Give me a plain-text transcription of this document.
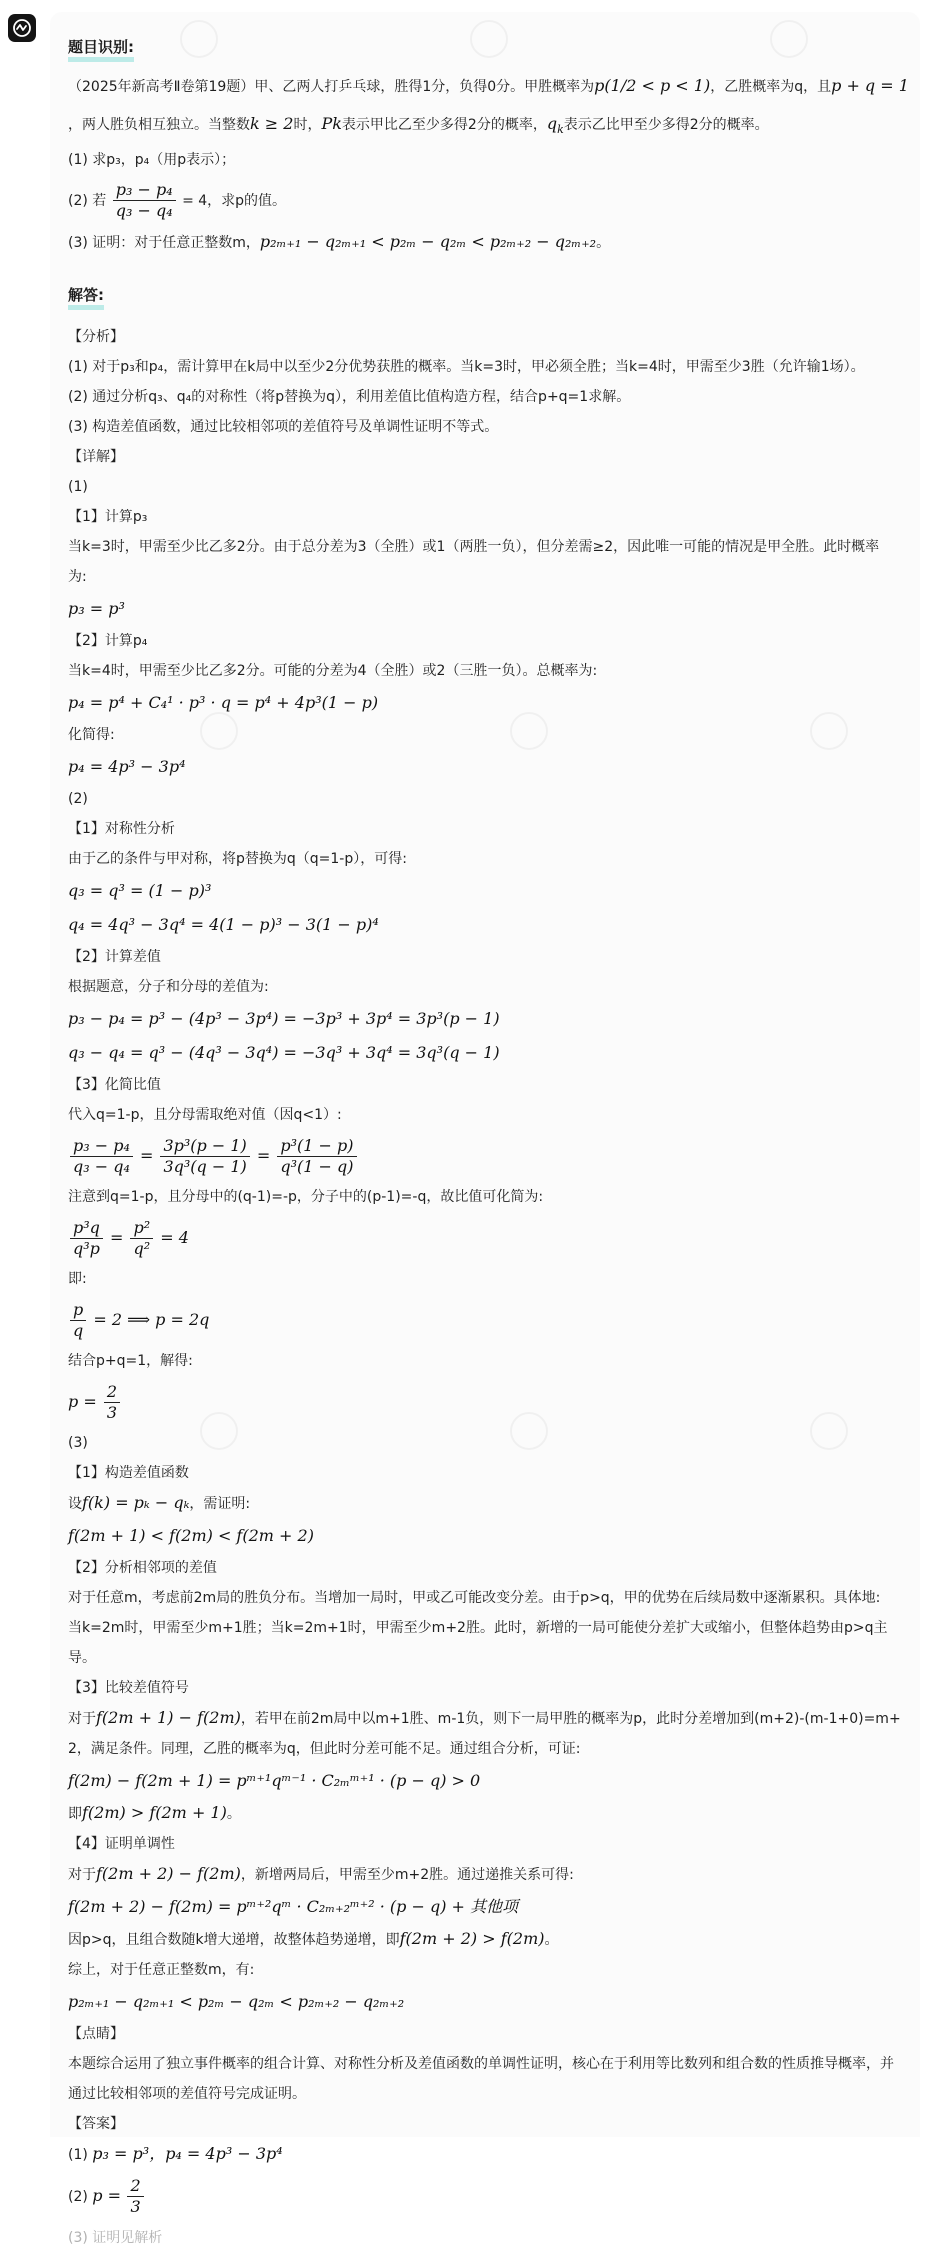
题目识别:
（2025年新高考Ⅱ卷第19题）甲、乙两人打乒乓球，胜得1分，负得0分。甲胜概率为p(1/2 < p < 1)，乙胜概率为q，且p + q = 1
，两人胜负相互独立。当整数k ≥ 2时，Pk表示甲比乙至少多得2分的概率，$q_k$表示乙比甲至少多得2分的概率。
(1) 求p₃，p₄（用p表示）；
(2) 若 $\frac{\text{p₃ − p₄}}{\text{q₃ − q₄}} = 4$，求p的值。
(3) 证明：对于任意正整数m，p₂ₘ₊₁ − q₂ₘ₊₁ < p₂ₘ − q₂ₘ < p₂ₘ₊₂ − q₂ₘ₊₂。
解答:
【分析】
(1) 对于p₃和p₄，需计算甲在k局中以至少2分优势获胜的概率。当k=3时，甲必须全胜；当k=4时，甲需至少3胜（允许输1场）。
(2) 通过分析q₃、q₄的对称性（将p替换为q），利用差值比值构造方程，结合p+q=1求解。
(3) 构造差值函数，通过比较相邻项的差值符号及单调性证明不等式。
【详解】
(1)
【1】计算p₃
当k=3时，甲需至少比乙多2分。由于总分差为3（全胜）或1（两胜一负），但分差需≥2，因此唯一可能的情况是甲全胜。此时概率
为:
p₃ = p³
【2】计算p₄
当k=4时，甲需至少比乙多2分。可能的分差为4（全胜）或2（三胜一负）。总概率为:
p₄ = p⁴ + C₄¹ · p³ · q = p⁴ + 4p³(1 − p)
化简得:
p₄ = 4p³ − 3p⁴
(2)
【1】对称性分析
由于乙的条件与甲对称，将p替换为q（q=1-p），可得:
q₃ = q³ = (1 − p)³
q₄ = 4q³ − 3q⁴ = 4(1 − p)³ − 3(1 − p)⁴
【2】计算差值
根据题意，分子和分母的差值为:
p₃ − p₄ = p³ − (4p³ − 3p⁴) = −3p³ + 3p⁴ = 3p³(p − 1)
q₃ − q₄ = q³ − (4q³ − 3q⁴) = −3q³ + 3q⁴ = 3q³(q − 1)
【3】化简比值
代入q=1-p，且分母需取绝对值（因q<1）:
$\frac{\text{p₃ − p₄}}{\text{q₃ − q₄}} = \frac{\text{3p³(p − 1)}}{\text{3q³(q − 1)}} = \frac{\text{p³(1 − p)}}{\text{q³(1 − q)}}$
注意到q=1-p，且分母中的(q-1)=-p，分子中的(p-1)=-q，故比值可化简为:
$\frac{\text{p³q}}{\text{q³p}} = \frac{\text{p²}}{\text{q²}} = 4$
即:
$\frac{p}{q} = 2$ ⟹ p = 2q
结合p+q=1，解得:
$p = \frac{2}{3}$
(3)
【1】构造差值函数
设f(k) = pₖ − qₖ，需证明:
f(2m + 1) < f(2m) < f(2m + 2)
【2】分析相邻项的差值
对于任意m，考虑前2m局的胜负分布。当增加一局时，甲或乙可能改变分差。由于p>q，甲的优势在后续局数中逐渐累积。具体地:
当k=2m时，甲需至少m+1胜；当k=2m+1时，甲需至少m+2胜。此时，新增的一局可能使分差扩大或缩小，但整体趋势由p>q主
导。
【3】比较差值符号
对于f(2m + 1) − f(2m)，若甲在前2m局中以m+1胜、m-1负，则下一局甲胜的概率为p，此时分差增加到(m+2)-(m-1+0)=m+
2，满足条件。同理，乙胜的概率为q，但此时分差可能不足。通过组合分析，可证:
f(2m) − f(2m + 1) = pᵐ⁺¹qᵐ⁻¹ · C₂ₘᵐ⁺¹ · (p − q) > 0
即f(2m) > f(2m + 1)。
【4】证明单调性
对于f(2m + 2) − f(2m)，新增两局后，甲需至少m+2胜。通过递推关系可得:
f(2m + 2) − f(2m) = pᵐ⁺²qᵐ · C₂ₘ₊₂ᵐ⁺² · (p − q) + 其他项
因p>q，且组合数随k增大递增，故整体趋势递增，即f(2m + 2) > f(2m)。
综上，对于任意正整数m，有:
p₂ₘ₊₁ − q₂ₘ₊₁ < p₂ₘ − q₂ₘ < p₂ₘ₊₂ − q₂ₘ₊₂
【点睛】
本题综合运用了独立事件概率的组合计算、对称性分析及差值函数的单调性证明，核心在于利用等比数列和组合数的性质推导概率，并
通过比较相邻项的差值符号完成证明。
【答案】
(1) p₃ = p³，p₄ = 4p³ − 3p⁴
(2) $p = \frac{2}{3}$
(3) 证明见解析
